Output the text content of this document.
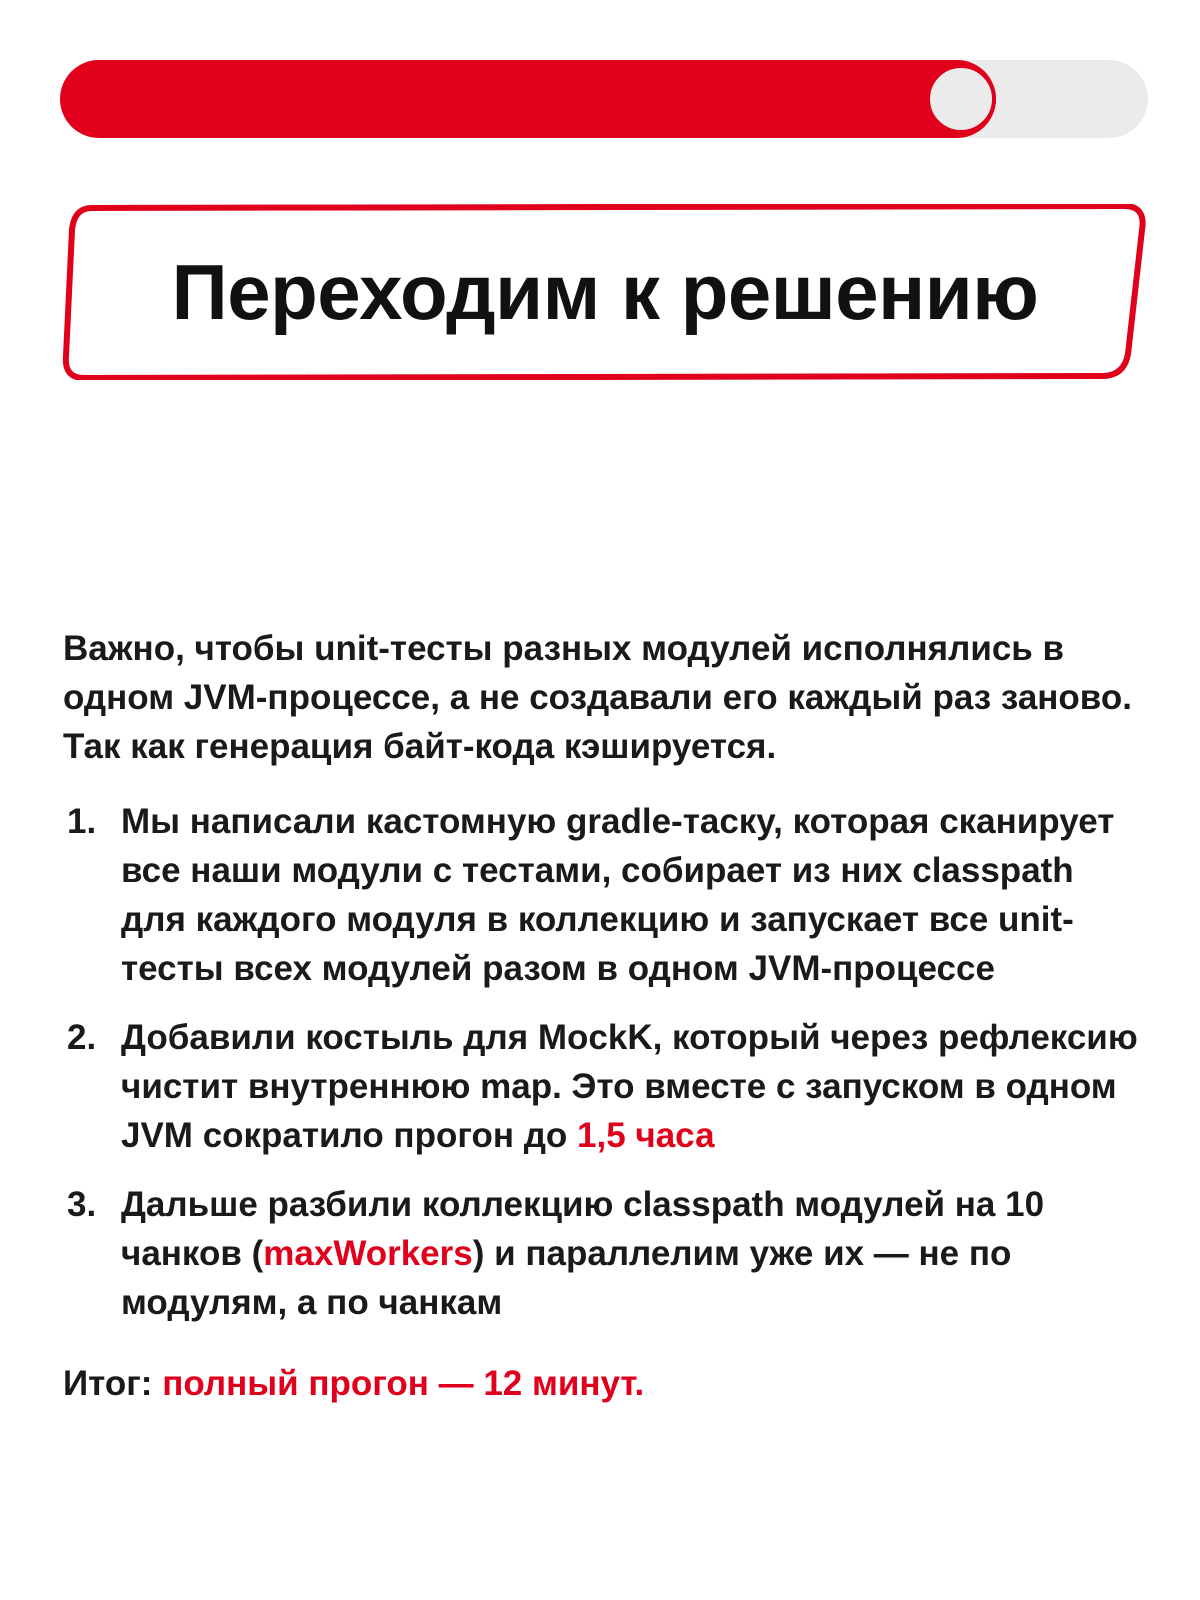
Переходим к решению

Важно, чтобы unit-тесты разных модулей исполнялись в одном JVM-процессе, а не создавали его каждый раз заново. Так как генерация байт-кода кэшируется.

1. Мы написали кастомную gradle-таску, которая сканирует все наши модули с тестами, собирает из них classpath для каждого модуля в коллекцию и запускает все unit-тесты всех модулей разом в одном JVM-процессе
2. Добавили костыль для MockK, который через рефлексию чистит внутреннюю map. Это вместе с запуском в одном JVM сократило прогон до 1,5 часа
3. Дальше разбили коллекцию classpath модулей на 10 чанков (maxWorkers) и параллелим уже их — не по модулям, а по чанкам

Итог: полный прогон — 12 минут.
